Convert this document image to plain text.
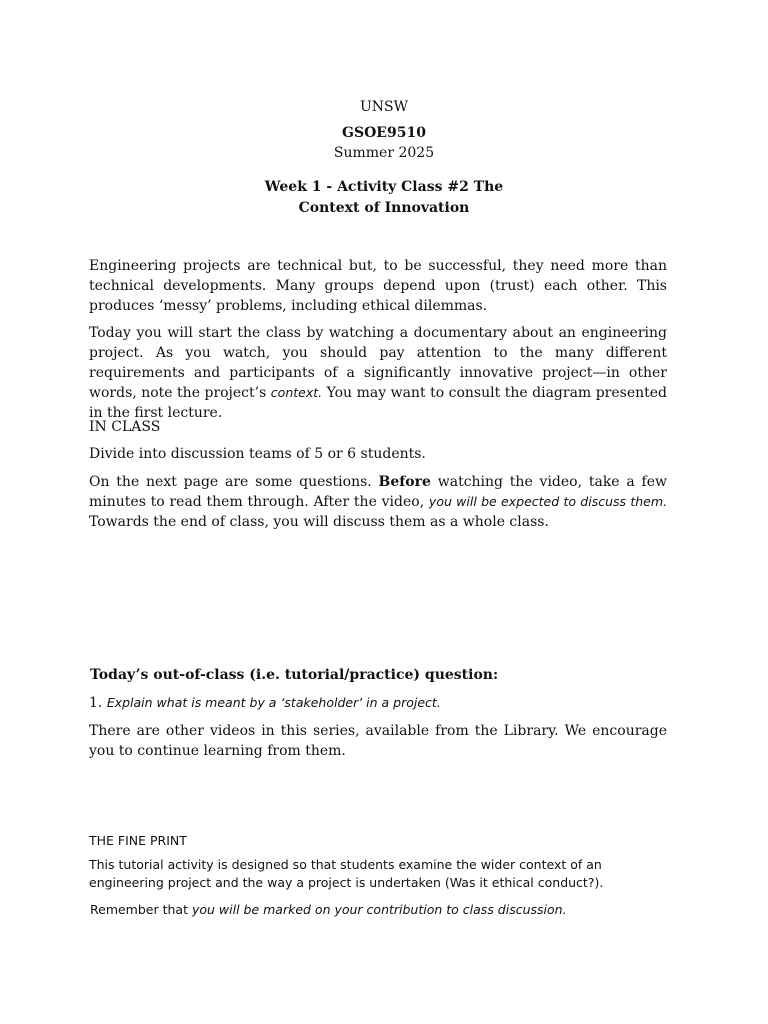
UNSW
GSOE9510
Summer 2025
Week 1 - Activity Class #2 The
Context of Innovation
Engineering projects are technical but, to be successful, they need more than technical developments. Many groups depend upon (trust) each other. This produces ‘messy’ problems, including ethical dilemmas.
Today you will start the class by watching a documentary about an engineering project. As you watch, you should pay attention to the many different requirements and participants of a significantly innovative project—in other words, note the project’s context. You may want to consult the diagram presented in the first lecture.
IN CLASS
Divide into discussion teams of 5 or 6 students.
On the next page are some questions. Before watching the video, take a few minutes to read them through. After the video, you will be expected to discuss them. Towards the end of class, you will discuss them as a whole class.
Today’s out-of-class (i.e. tutorial/practice) question:
1. Explain what is meant by a ‘stakeholder’ in a project.
There are other videos in this series, available from the Library. We encourage you to continue learning from them.
THE FINE PRINT
This tutorial activity is designed so that students examine the wider context of an engineering project and the way a project is undertaken (Was it ethical conduct?).
Remember that you will be marked on your contribution to class discussion.
